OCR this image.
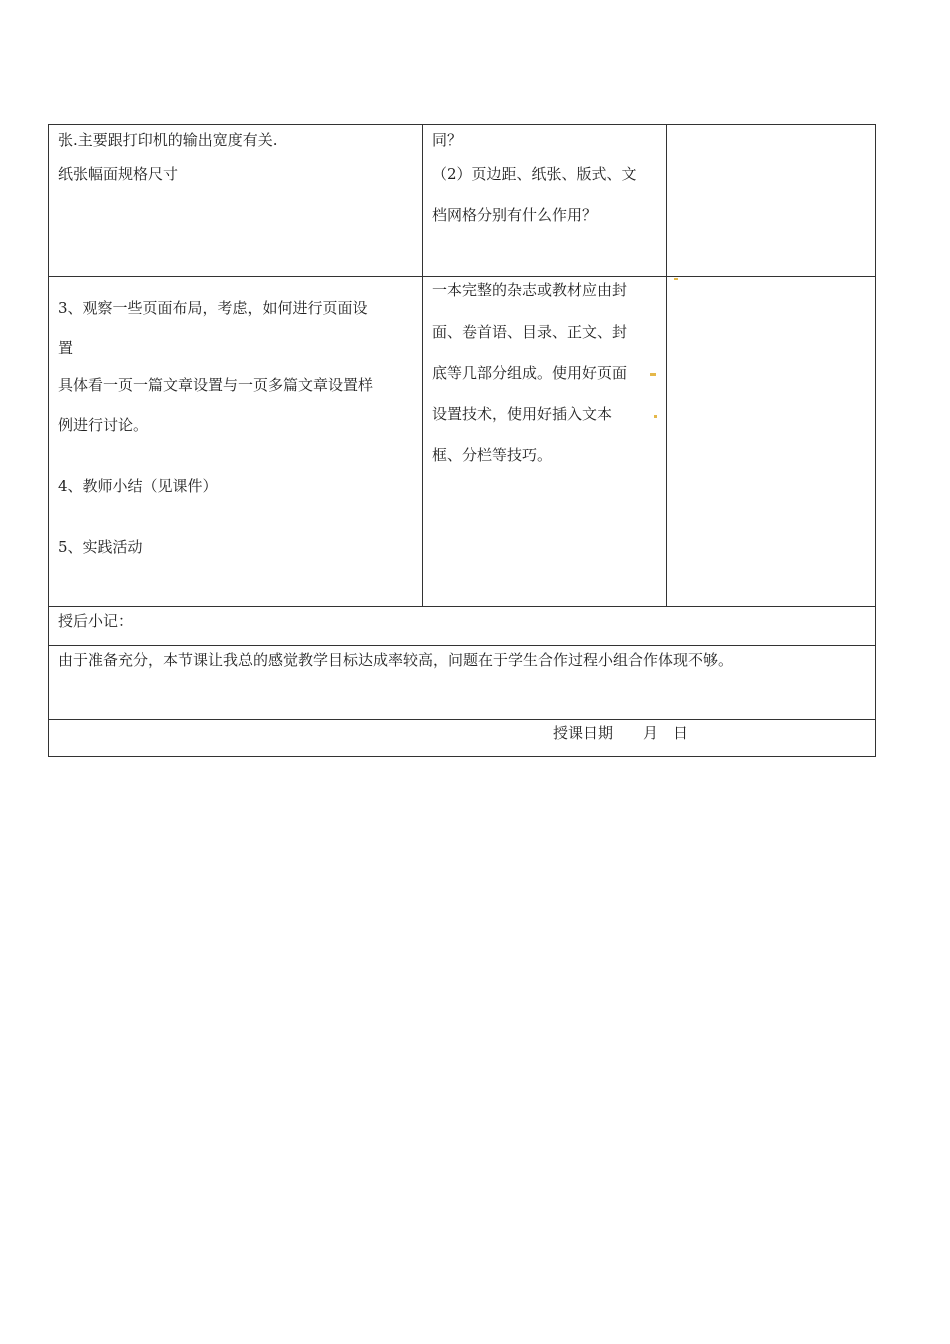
张.主要跟打印机的输出宽度有关.
纸张幅面规格尺寸
同？
（2）页边距、纸张、版式、文
档网格分别有什么作用？
3、观察一些页面布局，考虑，如何进行页面设
置
具体看一页一篇文章设置与一页多篇文章设置样
例进行讨论。
4、教师小结（见课件）
5、实践活动
一本完整的杂志或教材应由封
面、卷首语、目录、正文、封
底等几部分组成。使用好页面
设置技术，使用好插入文本
框、分栏等技巧。
授后小记：
由于准备充分，本节课让我总的感觉教学目标达成率较高，问题在于学生合作过程小组合作体现不够。
授课日期　　月　日
